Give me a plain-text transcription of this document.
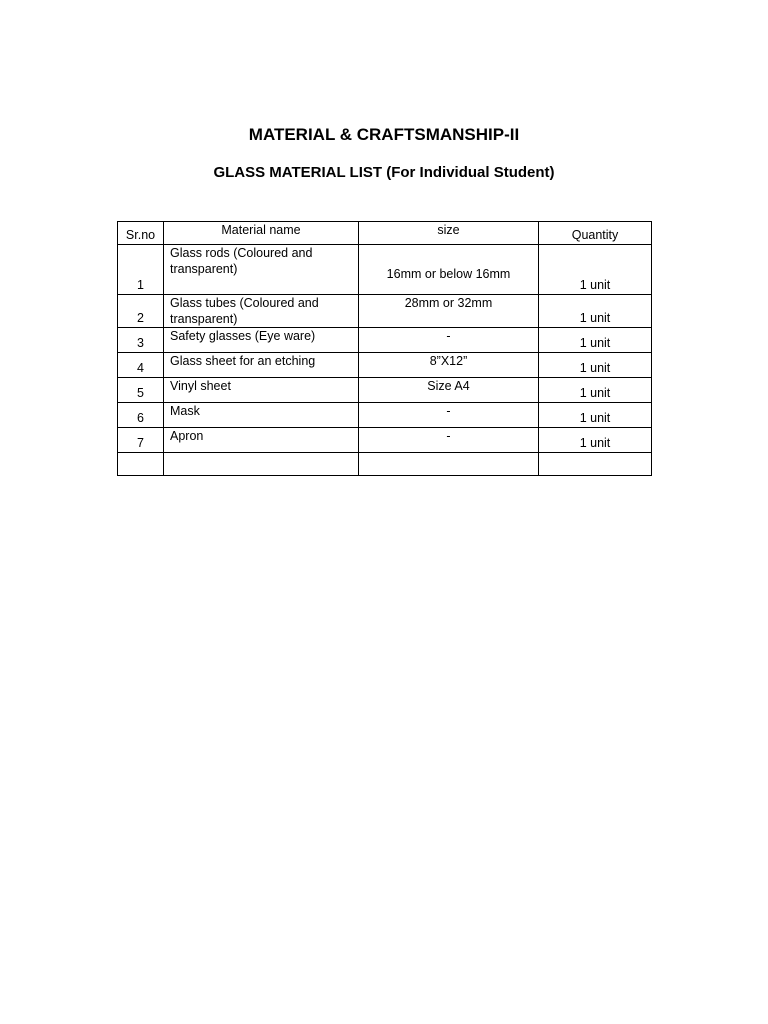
MATERIAL & CRAFTSMANSHIP-II
GLASS MATERIAL LIST (For Individual Student)
Sr.no	Material name	size	Quantity
1	Glass rods (Coloured and transparent)	16mm or below 16mm	1 unit
2	Glass tubes (Coloured and transparent)	28mm or 32mm	1 unit
3	Safety glasses (Eye ware)	-	1 unit
4	Glass sheet for an etching	8”X12”	1 unit
5	Vinyl sheet	Size A4	1 unit
6	Mask	-	1 unit
7	Apron	-	1 unit
